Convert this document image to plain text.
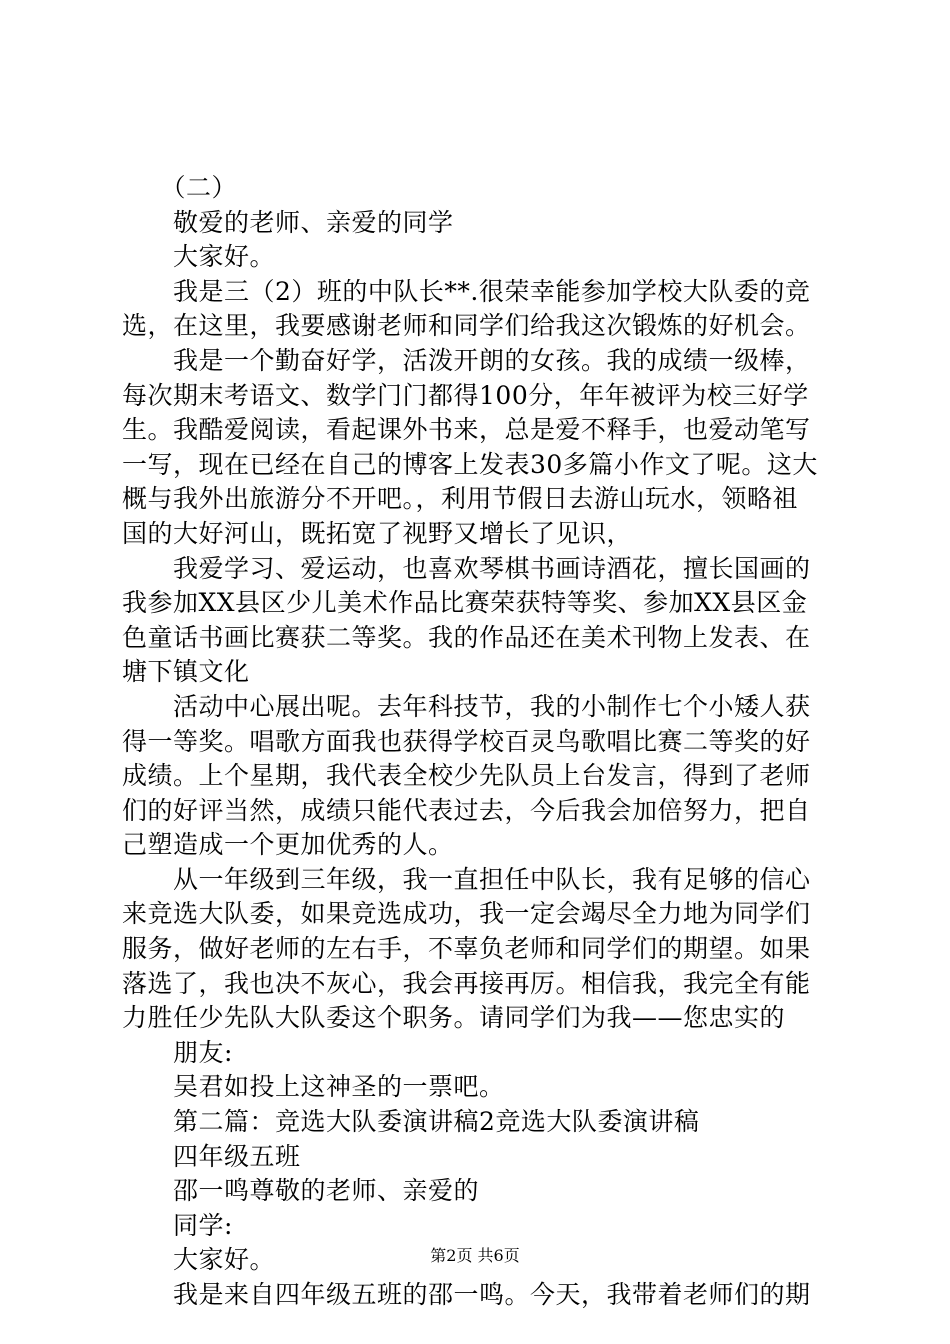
　　（二）
　　敬爱的老师、亲爱的同学
　　大家好。
　　我是三（2）班的中队长**.很荣幸能参加学校大队委的竞
选，在这里，我要感谢老师和同学们给我这次锻炼的好机会。
　　我是一个勤奋好学，活泼开朗的女孩。我的成绩一级棒，
每次期末考语文、数学门门都得100分，年年被评为校三好学
生。我酷爱阅读，看起课外书来，总是爱不释手，也爱动笔写
一写，现在已经在自己的博客上发表30多篇小作文了呢。这大
概与我外出旅游分不开吧。，利用节假日去游山玩水，领略祖
国的大好河山，既拓宽了视野又增长了见识，
　　我爱学习、爱运动，也喜欢琴棋书画诗酒花，擅长国画的
我参加XX县区少儿美术作品比赛荣获特等奖、参加XX县区金
色童话书画比赛获二等奖。我的作品还在美术刊物上发表、在
塘下镇文化
　　活动中心展出呢。去年科技节，我的小制作七个小矮人获
得一等奖。唱歌方面我也获得学校百灵鸟歌唱比赛二等奖的好
成绩。上个星期，我代表全校少先队员上台发言，得到了老师
们的好评当然，成绩只能代表过去，今后我会加倍努力，把自
己塑造成一个更加优秀的人。
　　从一年级到三年级，我一直担任中队长，我有足够的信心
来竞选大队委，如果竞选成功，我一定会竭尽全力地为同学们
服务，做好老师的左右手，不辜负老师和同学们的期望。如果
落选了，我也决不灰心，我会再接再厉。相信我，我完全有能
力胜任少先队大队委这个职务。请同学们为我——您忠实的
　　朋友:
　　吴君如投上这神圣的一票吧。
　　第二篇：竞选大队委演讲稿2竞选大队委演讲稿
　　四年级五班
　　邵一鸣尊敬的老师、亲爱的
　　同学:
　　大家好。
　　我是来自四年级五班的邵一鸣。今天，我带着老师们的期
第2页 共6页
